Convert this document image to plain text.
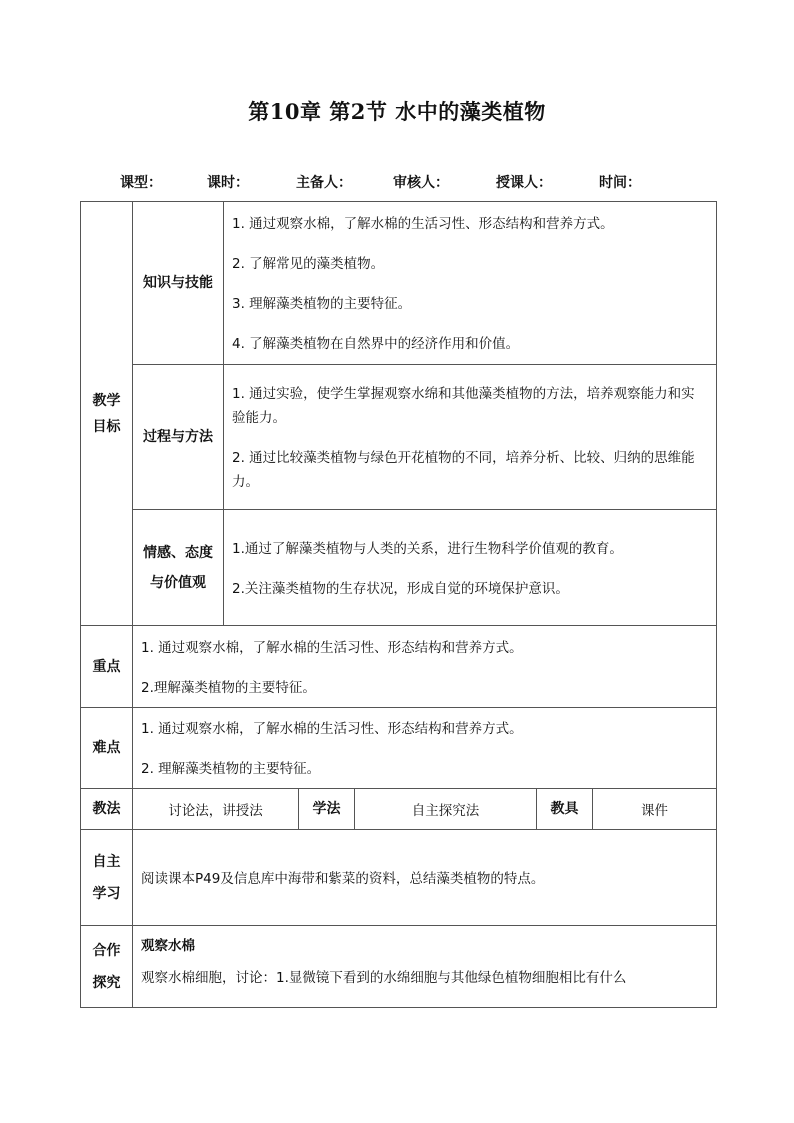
第10章 第2节 水中的藻类植物
课型：	课时：	主备人：	审核人：	授课人：	时间：
教学目标	知识与技能	1. 通过观察水棉，了解水棉的生活习性、形态结构和营养方式。

2. 了解常见的藻类植物。

3. 理解藻类植物的主要特征。

4. 了解藻类植物在自然界中的经济作用和价值。				

	过程与方法	1. 通过实验，使学生掌握观察水绵和其他藻类植物的方法，培养观察能力和实验能力。

2. 通过比较藻类植物与绿色开花植物的不同，培养分析、比较、归纳的思维能力。				

	情感、态度与价值观	1.通过了解藻类植物与人类的关系，进行生物科学价值观的教育。

2.关注藻类植物的生存状况，形成自觉的环境保护意识。				

重点	1. 通过观察水棉，了解水棉的生活习性、形态结构和营养方式。

2.理解藻类植物的主要特征。					

难点	1. 通过观察水棉，了解水棉的生活习性、形态结构和营养方式。

2. 理解藻类植物的主要特征。					

教法	讨论法，讲授法		学法	自主探究法	教具	课件

自主学习	阅读课本P49及信息库中海带和紫菜的资料，总结藻类植物的特点。					

合作探究	观察水棉

观察水棉细胞，讨论：1.显微镜下看到的水绵细胞与其他绿色植物细胞相比有什么					
